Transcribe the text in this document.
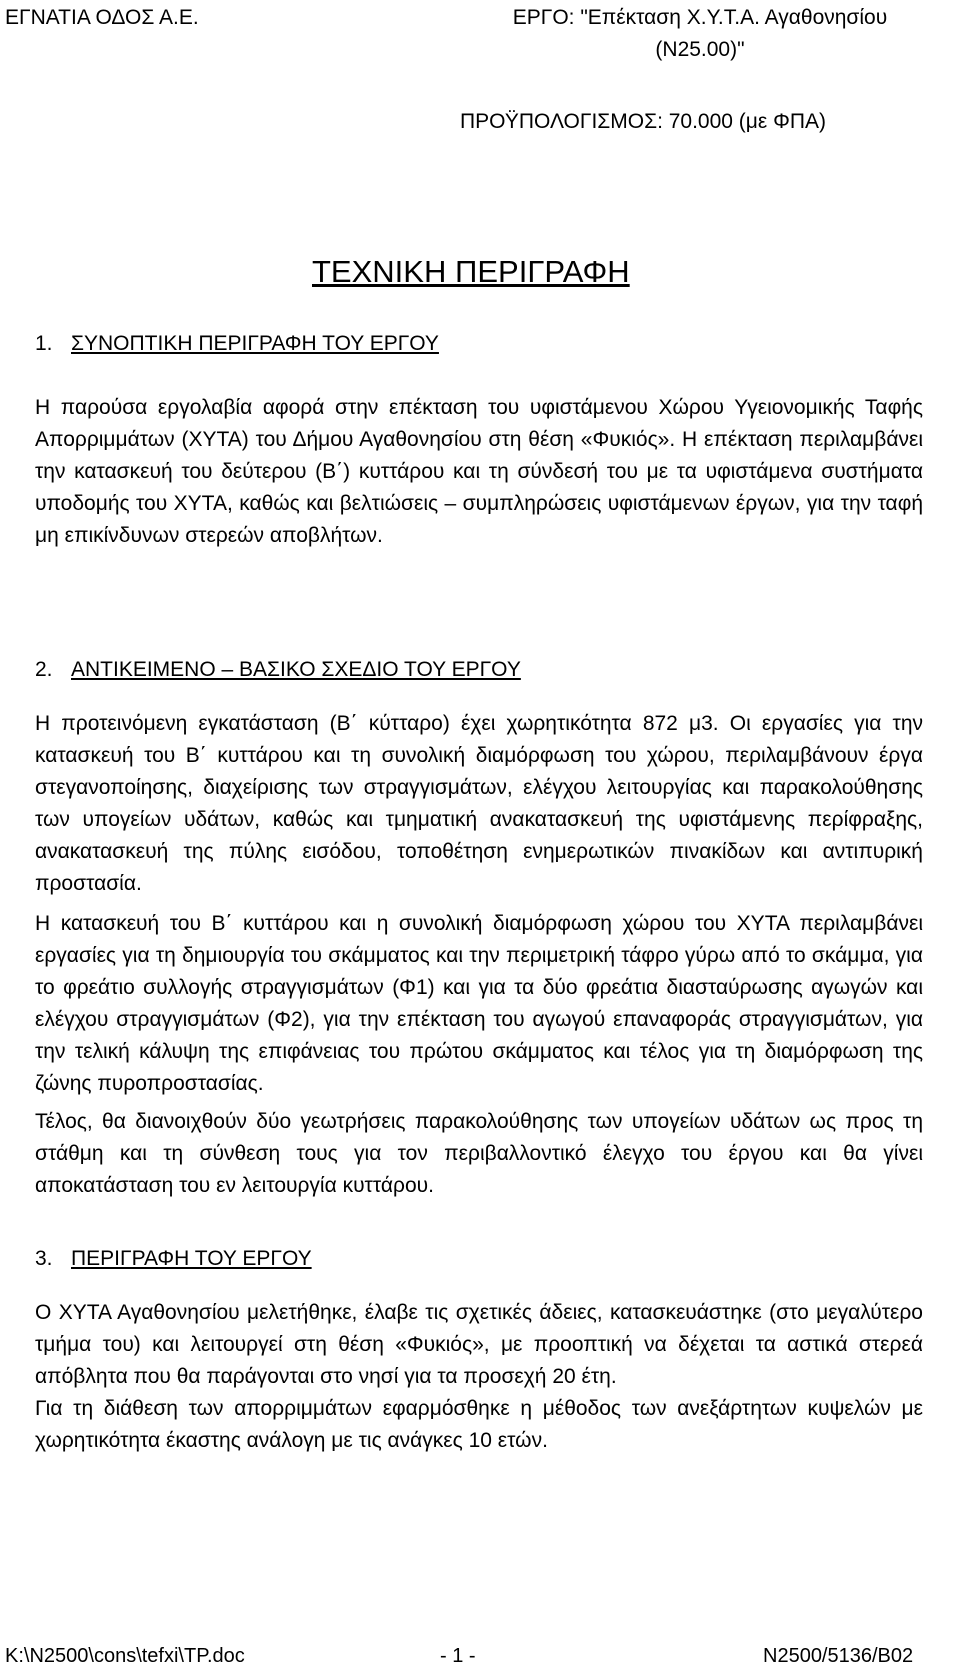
ΕΓΝΑΤΙΑ ΟΔΟΣ Α.Ε.	ΕΡΓΟ: "Επέκταση Χ.Υ.Τ.Α. Αγαθονησίου
(Ν25.00)"
ΠΡΟΫΠΟΛΟΓΙΣΜΟΣ: 70.000 (με ΦΠΑ)
ΤΕΧΝΙΚΗ ΠΕΡΙΓΡΑΦΗ
1. ΣΥΝΟΠΤΙΚΗ ΠΕΡΙΓΡΑΦΗ ΤΟΥ ΕΡΓΟΥ

Η παρούσα εργολαβία αφορά στην επέκταση του υφιστάμενου Χώρου Υγειονομικής Ταφής Απορριμμάτων (ΧΥΤΑ) του Δήμου Αγαθονησίου στη θέση «Φυκιός». Η επέκταση περιλαμβάνει την κατασκευή του δεύτερου (Β΄) κυττάρου και τη σύνδεσή του με τα υφιστάμενα συστήματα υποδομής του ΧΥΤΑ, καθώς και βελτιώσεις – συμπληρώσεις υφιστάμενων έργων, για την ταφή μη επικίνδυνων στερεών αποβλήτων.

2. ΑΝΤΙΚΕΙΜΕΝΟ – ΒΑΣΙΚΟ ΣΧΕΔΙΟ ΤΟΥ ΕΡΓΟΥ

Η προτεινόμενη εγκατάσταση (Β΄ κύτταρο) έχει χωρητικότητα 872 μ3. Οι εργασίες για την κατασκευή του Β΄ κυττάρου και τη συνολική διαμόρφωση του χώρου, περιλαμβάνουν έργα στεγανοποίησης, διαχείρισης των στραγγισμάτων, ελέγχου λειτουργίας και παρακολούθησης των υπογείων υδάτων, καθώς και τμηματική ανακατασκευή της υφιστάμενης περίφραξης, ανακατασκευή της πύλης εισόδου, τοποθέτηση ενημερωτικών πινακίδων και αντιπυρική προστασία.

Η κατασκευή του Β΄ κυττάρου και η συνολική διαμόρφωση χώρου του ΧΥΤΑ περιλαμβάνει εργασίες για τη δημιουργία του σκάμματος και την περιμετρική τάφρο γύρω από το σκάμμα, για το φρεάτιο συλλογής στραγγισμάτων (Φ1) και για τα δύο φρεάτια διασταύρωσης αγωγών και ελέγχου στραγγισμάτων (Φ2), για την επέκταση του αγωγού επαναφοράς στραγγισμάτων, για την τελική κάλυψη της επιφάνειας του πρώτου σκάμματος και τέλος για τη διαμόρφωση της ζώνης πυροπροστασίας.

Τέλος, θα διανοιχθούν δύο γεωτρήσεις παρακολούθησης των υπογείων υδάτων ως προς τη στάθμη και τη σύνθεση τους για τον περιβαλλοντικό έλεγχο του έργου και θα γίνει αποκατάσταση του εν λειτουργία κυττάρου.

3. ΠΕΡΙΓΡΑΦΗ ΤΟΥ ΕΡΓΟΥ

Ο ΧΥΤΑ Αγαθονησίου μελετήθηκε, έλαβε τις σχετικές άδειες, κατασκευάστηκε (στο μεγαλύτερο τμήμα του) και λειτουργεί στη θέση «Φυκιός», με προοπτική να δέχεται τα αστικά στερεά απόβλητα που θα παράγονται στο νησί για τα προσεχή 20 έτη.

Για τη διάθεση των απορριμμάτων εφαρμόσθηκε η μέθοδος των ανεξάρτητων κυψελών με χωρητικότητα έκαστης ανάλογη με τις ανάγκες 10 ετών.

K:\N2500\cons\tefxi\TP.doc	- 1 -	N2500/5136/B02
